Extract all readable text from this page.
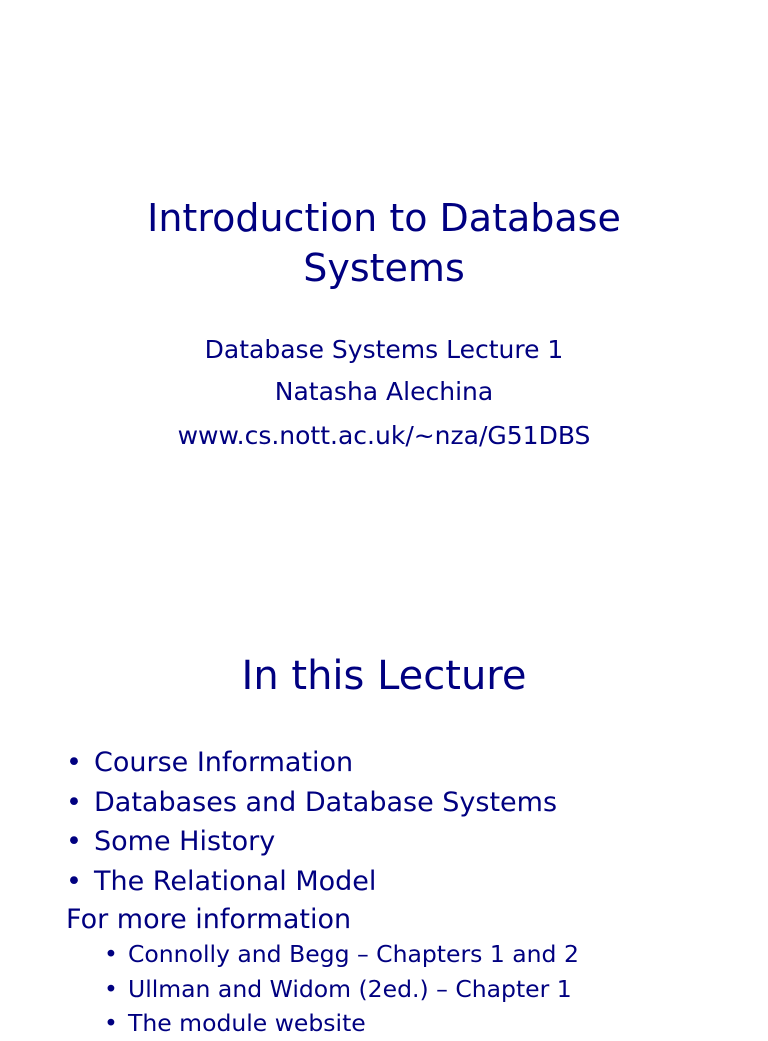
Introduction to Database
Systems

Database Systems Lecture 1

Natasha Alechina

www.cs.nott.ac.uk/~nza/G51DBS

In this Lecture
• Course Information
• Databases and Database Systems
• Some History
• The Relational Model

For more information

• Connolly and Begg – Chapters 1 and 2
• Ullman and Widom (2ed.) – Chapter 1
• The module website
